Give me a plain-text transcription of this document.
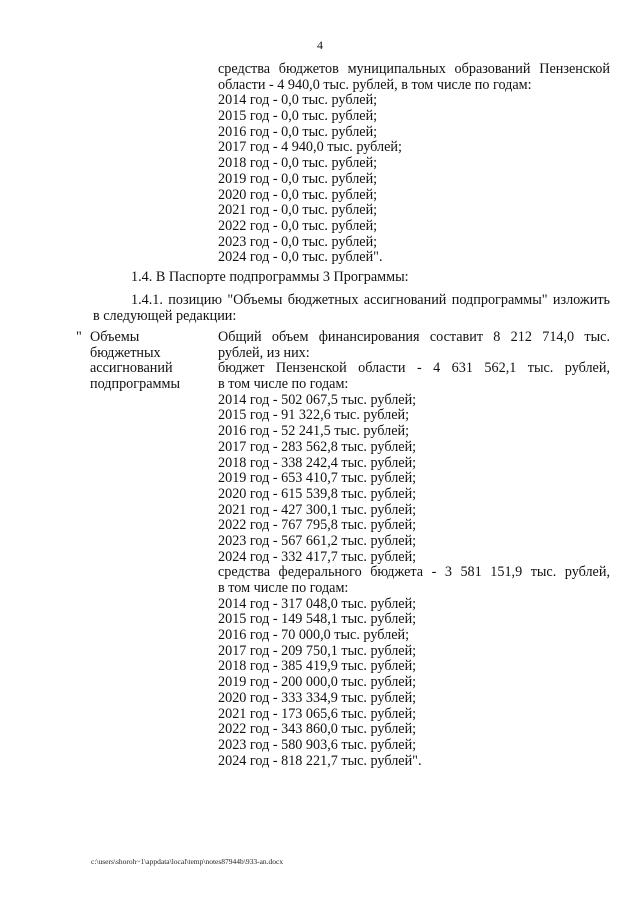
4
средства бюджетов муниципальных образований Пензенской
области - 4 940,0 тыс. рублей, в том числе по годам:
2014 год - 0,0 тыс. рублей;
2015 год - 0,0 тыс. рублей;
2016 год - 0,0 тыс. рублей;
2017 год - 4 940,0 тыс. рублей;
2018 год - 0,0 тыс. рублей;
2019 год - 0,0 тыс. рублей;
2020 год - 0,0 тыс. рублей;
2021 год - 0,0 тыс. рублей;
2022 год - 0,0 тыс. рублей;
2023 год - 0,0 тыс. рублей;
2024 год - 0,0 тыс. рублей".
1.4. В Паспорте подпрограммы 3 Программы:
1.4.1. позицию "Объемы бюджетных ассигнований подпрограммы" изложить
в следующей редакции:
" Объемы
бюджетных
ассигнований
подпрограммы
Общий объем финансирования составит 8 212 714,0 тыс.
рублей, из них:
бюджет Пензенской области - 4 631 562,1 тыс. рублей,
в том числе по годам:
2014 год - 502 067,5 тыс. рублей;
2015 год - 91 322,6 тыс. рублей;
2016 год - 52 241,5 тыс. рублей;
2017 год - 283 562,8 тыс. рублей;
2018 год - 338 242,4 тыс. рублей;
2019 год - 653 410,7 тыс. рублей;
2020 год - 615 539,8 тыс. рублей;
2021 год - 427 300,1 тыс. рублей;
2022 год - 767 795,8 тыс. рублей;
2023 год - 567 661,2 тыс. рублей;
2024 год - 332 417,7 тыс. рублей;
средства федерального бюджета - 3 581 151,9 тыс. рублей,
в том числе по годам:
2014 год - 317 048,0 тыс. рублей;
2015 год - 149 548,1 тыс. рублей;
2016 год - 70 000,0 тыс. рублей;
2017 год - 209 750,1 тыс. рублей;
2018 год - 385 419,9 тыс. рублей;
2019 год - 200 000,0 тыс. рублей;
2020 год - 333 334,9 тыс. рублей;
2021 год - 173 065,6 тыс. рублей;
2022 год - 343 860,0 тыс. рублей;
2023 год - 580 903,6 тыс. рублей;
2024 год - 818 221,7 тыс. рублей".
c:\users\shoroh~1\appdata\local\temp\notes87944b\933-an.docx
